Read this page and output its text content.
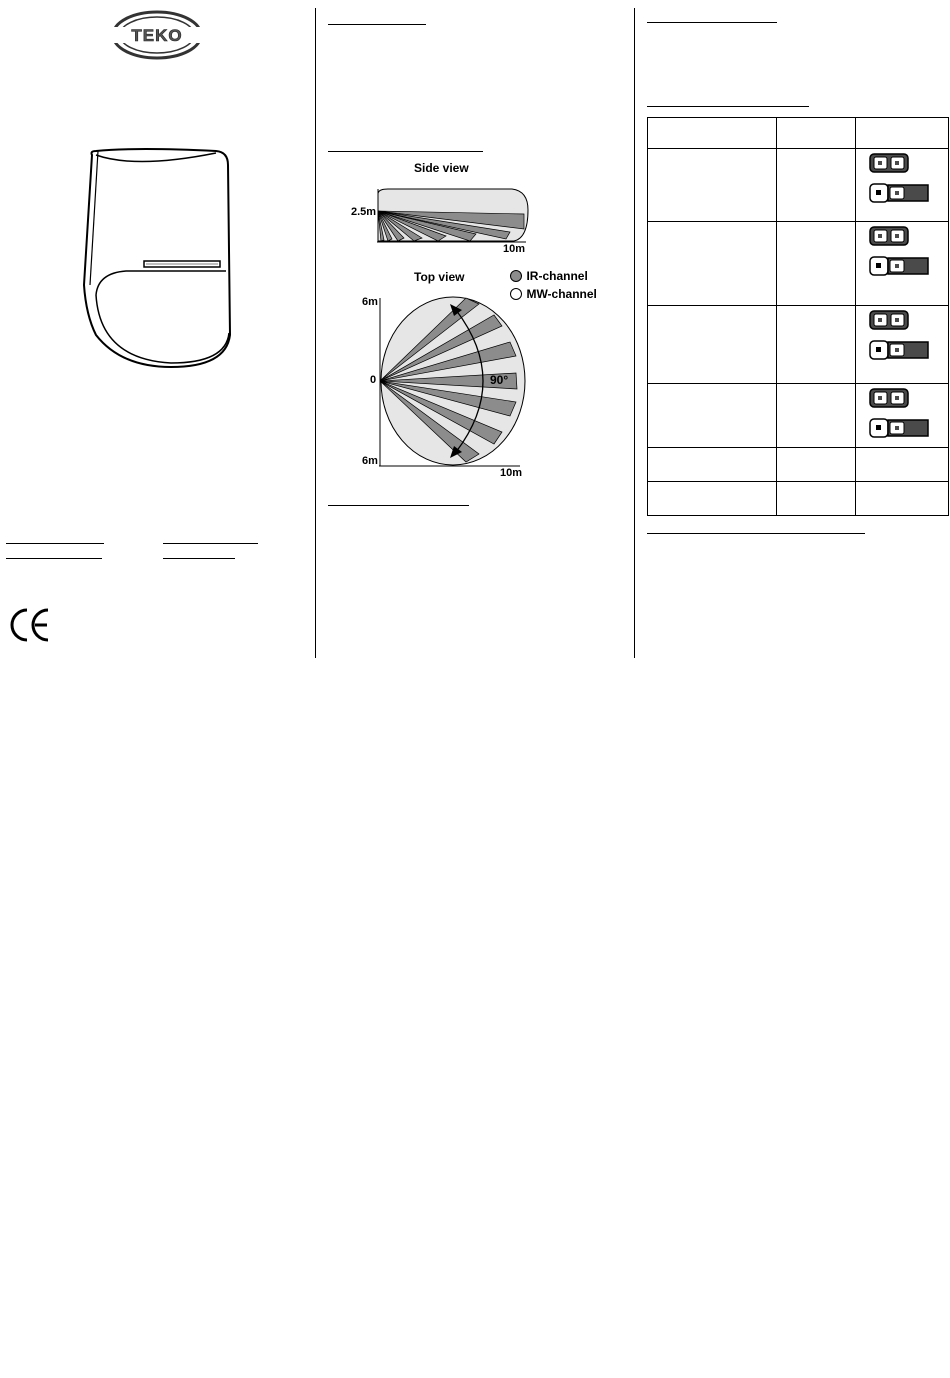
TEKO
Side view
2.5m
10m
Top view	IR-channel
MW-channel
6m
0
6m
10m
90°
